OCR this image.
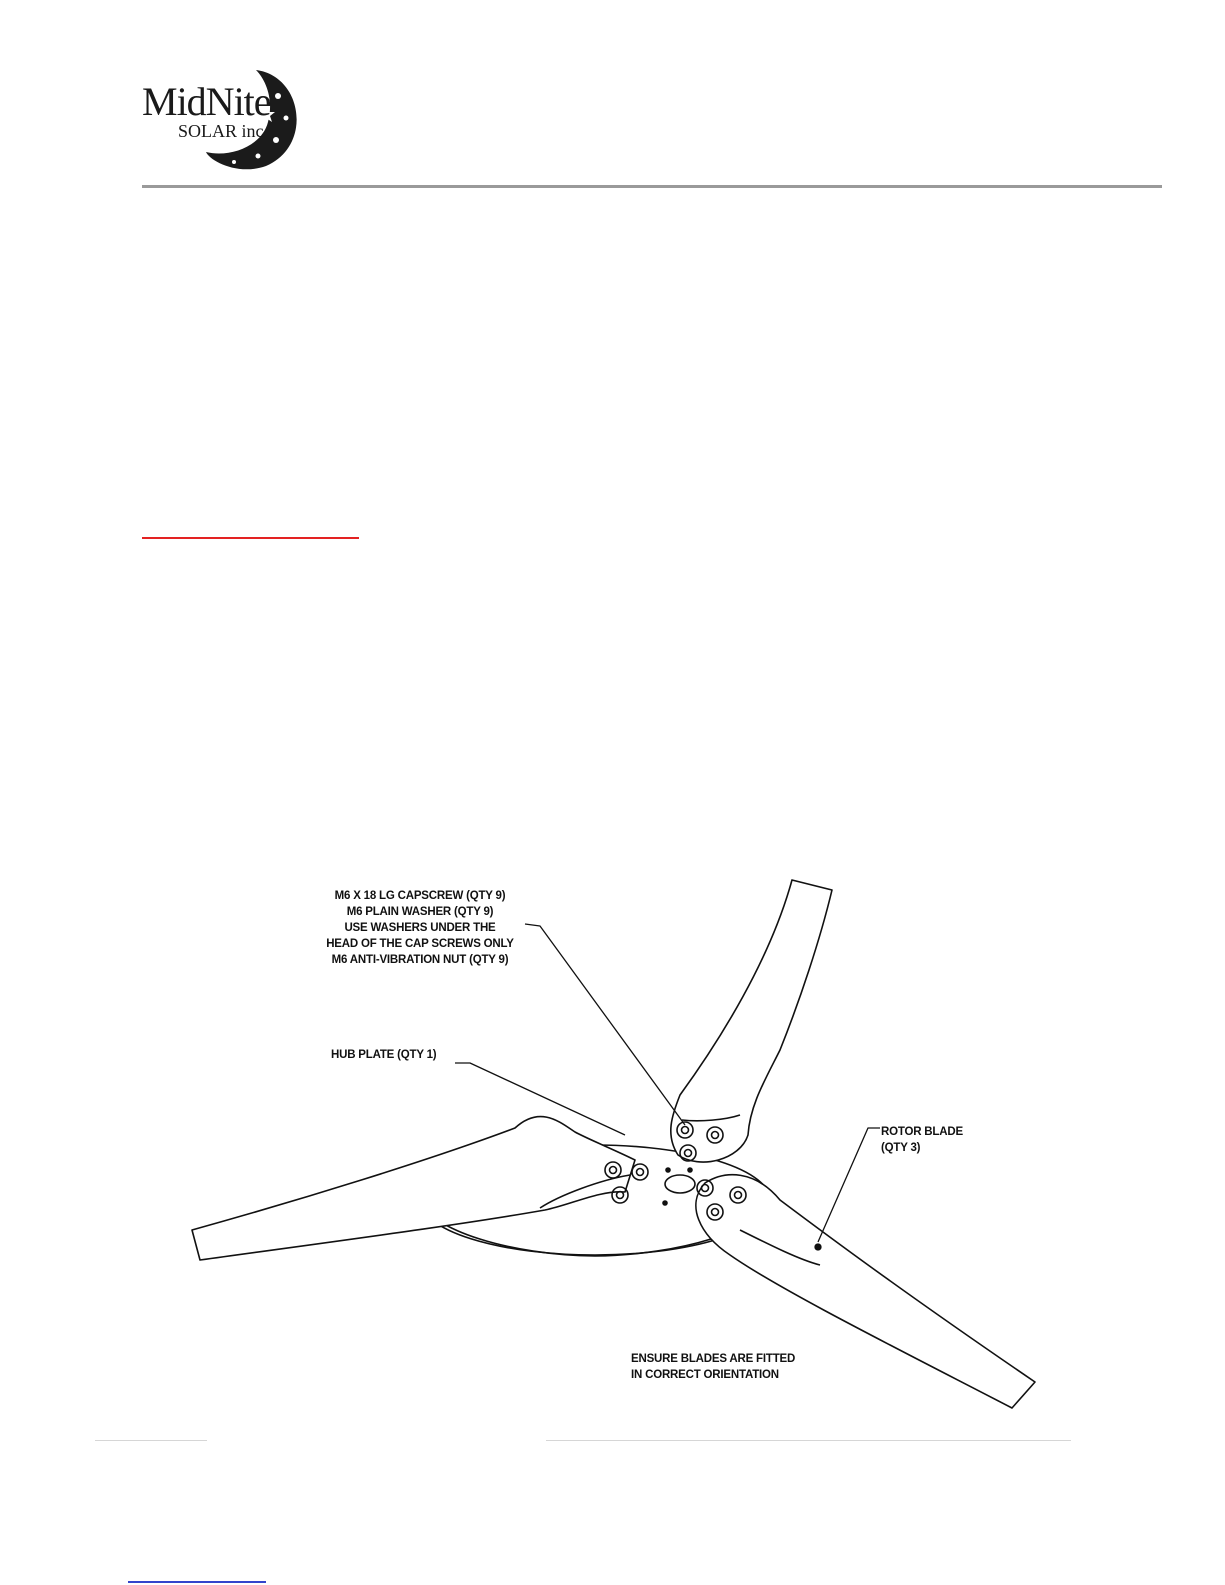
MidNite
SOLAR inc
M6 X 18 LG CAPSCREW (QTY 9)
M6 PLAIN WASHER (QTY 9)
USE WASHERS UNDER THE
HEAD OF THE CAP SCREWS ONLY
M6 ANTI-VIBRATION NUT (QTY 9)
HUB PLATE (QTY 1)
ROTOR BLADE
(QTY 3)
ENSURE BLADES ARE FITTED
IN CORRECT ORIENTATION
